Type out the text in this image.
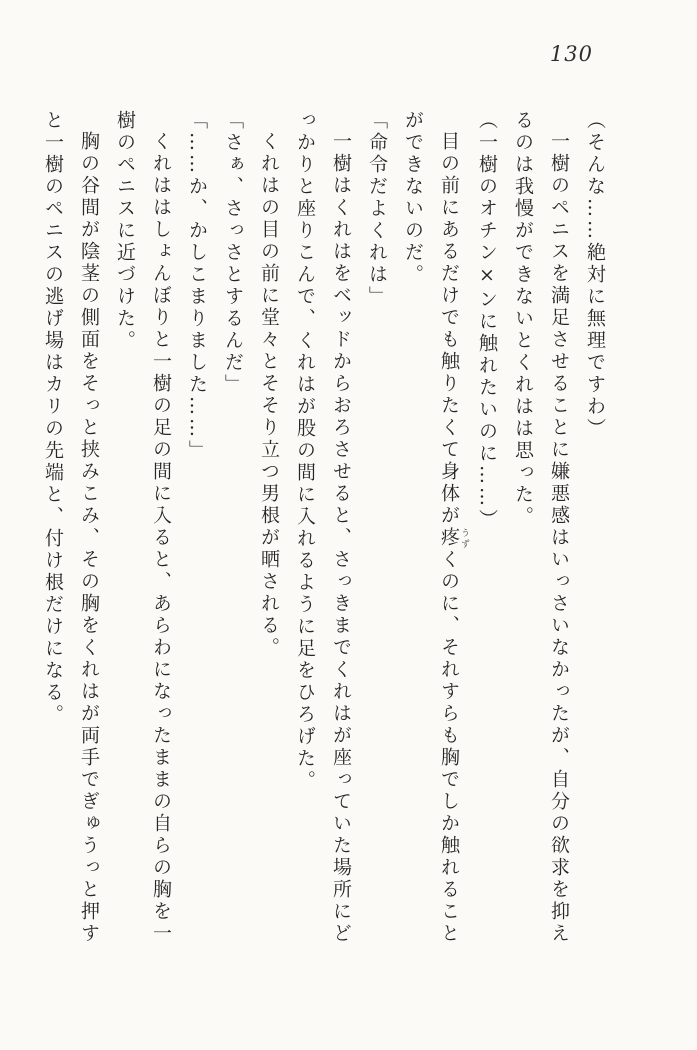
130
（そんな……絶対に無理ですわ）
一樹のペニスを満足させることに嫌悪感はいっさいなかったが、自分の欲求を抑え
るのは我慢ができないとくれはは思った。
（一樹のオチン×ンに触れたいのに……）
目の前にあるだけでも触りたくて身体が疼 うずくのに、それすらも胸でしか触れること
ができないのだ。
「命令だよくれは」
一樹はくれはをベッドからおろさせると、さっきまでくれはが座っていた場所にど
っかりと座りこんで、くれはが股の間に入れるように足をひろげた。
くれはの目の前に堂々とそそり立つ男根が晒される。
「さぁ、さっさとするんだ」
「……か、かしこまりました……」
くれははしょんぼりと一樹の足の間に入ると、あらわになったままの自らの胸を一
樹のペニスに近づけた。
胸の谷間が陰茎の側面をそっと挟みこみ、その胸をくれはが両手でぎゅうっと押す
と一樹のペニスの逃げ場はカリの先端と、付け根だけになる。
